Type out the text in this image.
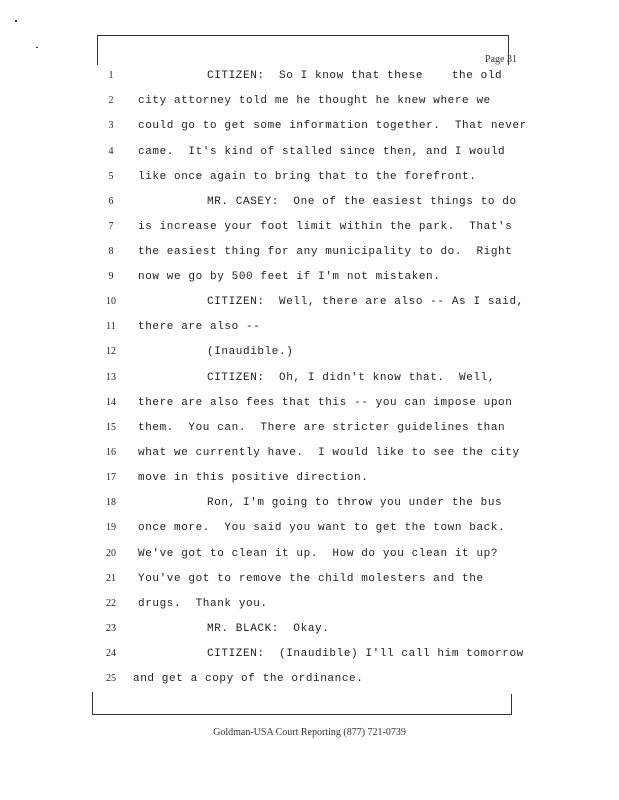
Page 31
1	CITIZEN:  So I know that these    the old
2	city attorney told me he thought he knew where we
3	could go to get some information together.  That never
4	came.  It's kind of stalled since then, and I would
5	like once again to bring that to the forefront.
6	MR. CASEY:  One of the easiest things to do
7	is increase your foot limit within the park.  That's
8	the easiest thing for any municipality to do.  Right
9	now we go by 500 feet if I'm not mistaken.
10	CITIZEN:  Well, there are also -- As I said,
11	there are also --
12	(Inaudible.)
13	CITIZEN:  Oh, I didn't know that.  Well,
14	there are also fees that this -- you can impose upon
15	them.  You can.  There are stricter guidelines than
16	what we currently have.  I would like to see the city
17	move in this positive direction.
18	Ron, I'm going to throw you under the bus
19	once more.  You said you want to get the town back.
20	We've got to clean it up.  How do you clean it up?
21	You've got to remove the child molesters and the
22	drugs.  Thank you.
23	MR. BLACK:  Okay.
24	CITIZEN:  (Inaudible) I'll call him tomorrow
25	and get a copy of the ordinance.
Goldman-USA Court Reporting (877) 721-0739
